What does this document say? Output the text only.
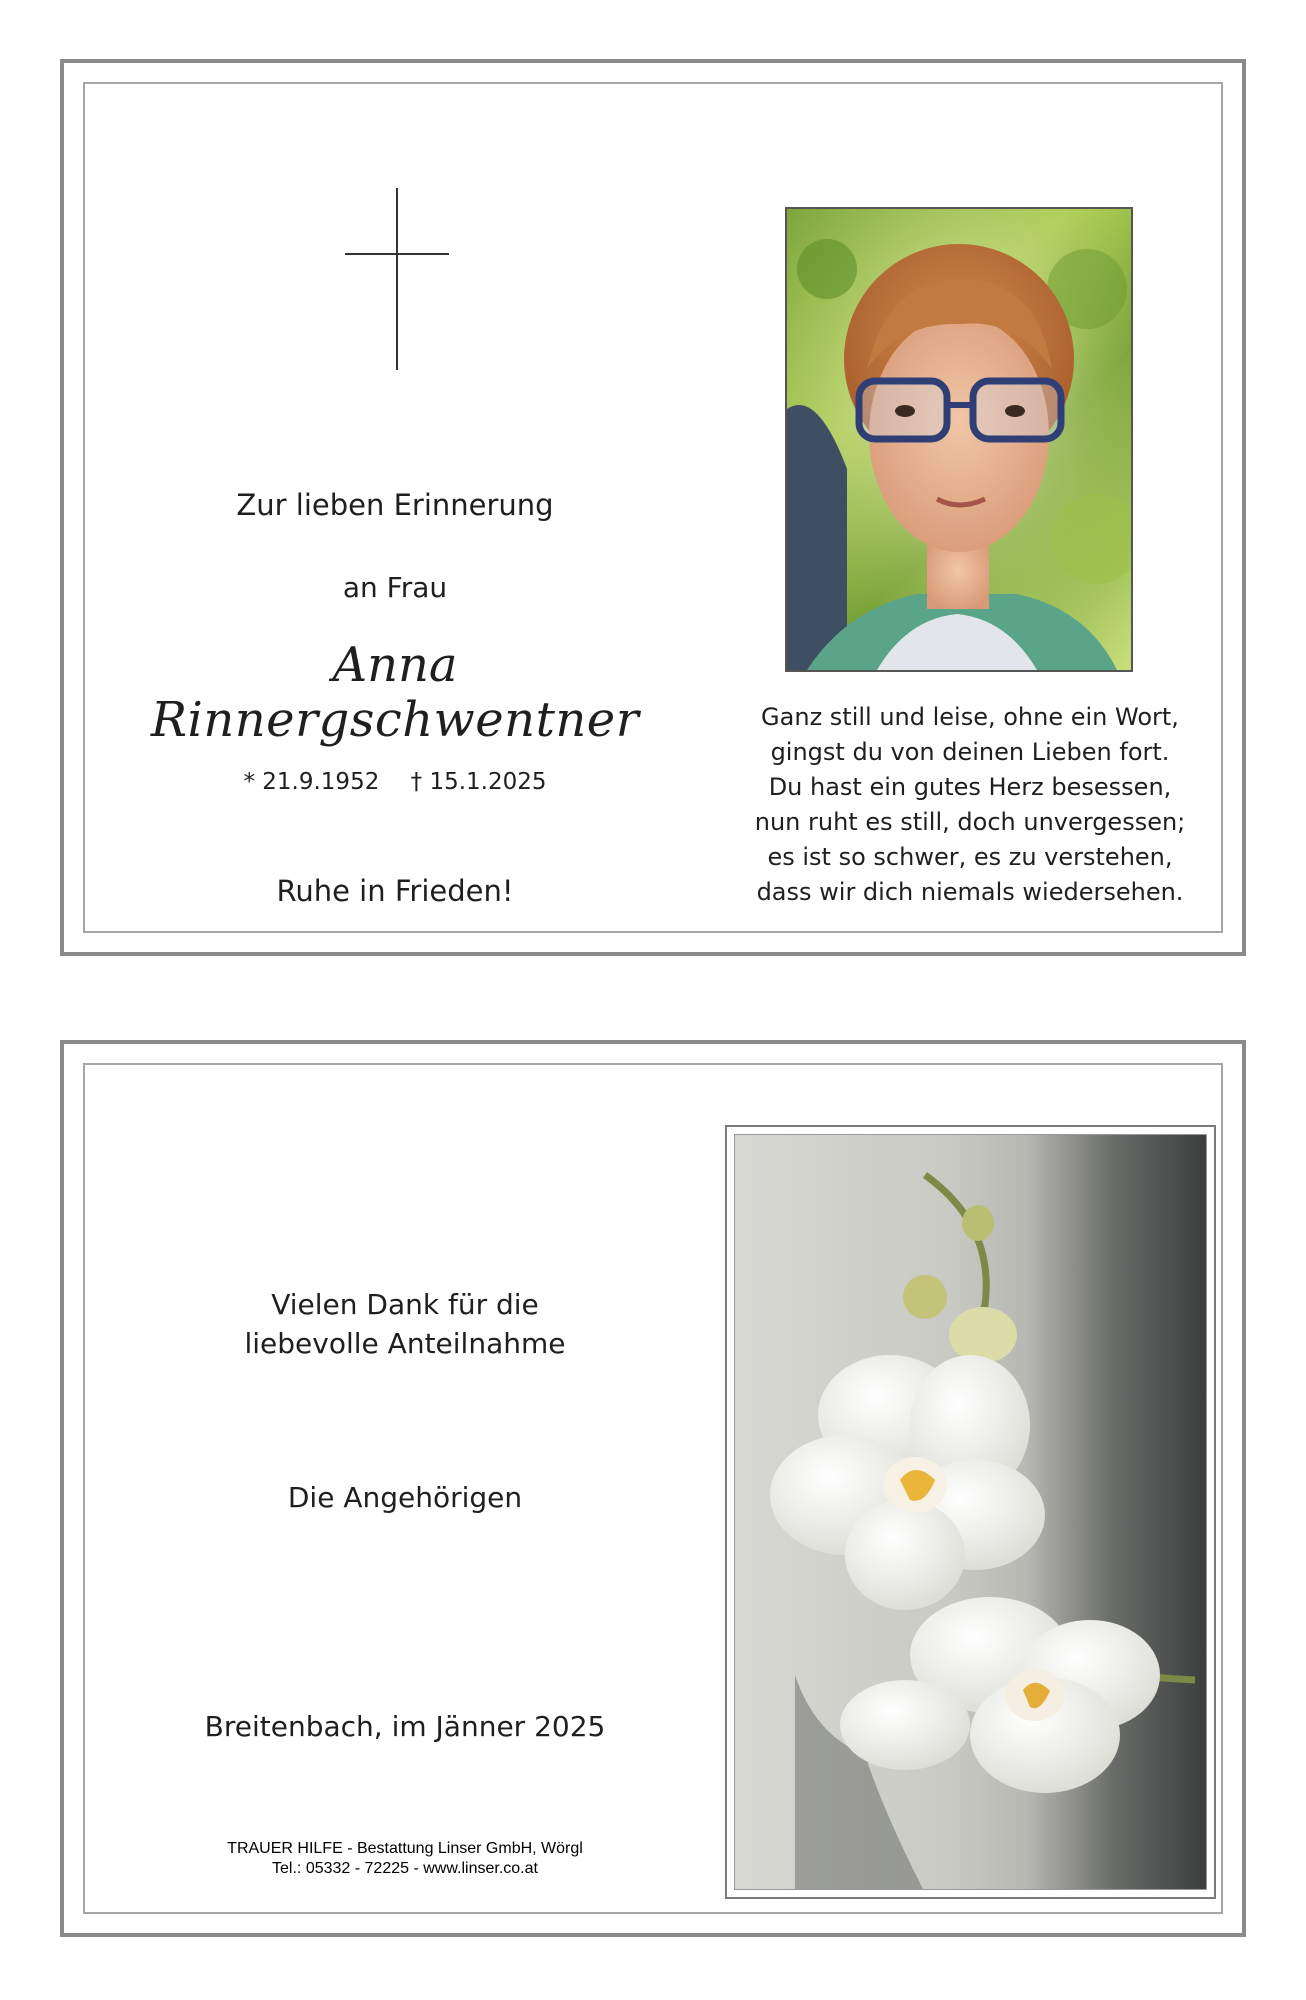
Zur lieben Erinnerung
an Frau
Anna
Rinnergschwentner
* 21.9.1952 † 15.1.2025
Ruhe in Frieden!
Ganz still und leise, ohne ein Wort,
gingst du von deinen Lieben fort.
Du hast ein gutes Herz besessen,
nun ruht es still, doch unvergessen;
es ist so schwer, es zu verstehen,
dass wir dich niemals wiedersehen.
Vielen Dank für die
liebevolle Anteilnahme
Die Angehörigen
Breitenbach, im Jänner 2025
TRAUER HILFE - Bestattung Linser GmbH, Wörgl
Tel.: 05332 - 72225 - www.linser.co.at
